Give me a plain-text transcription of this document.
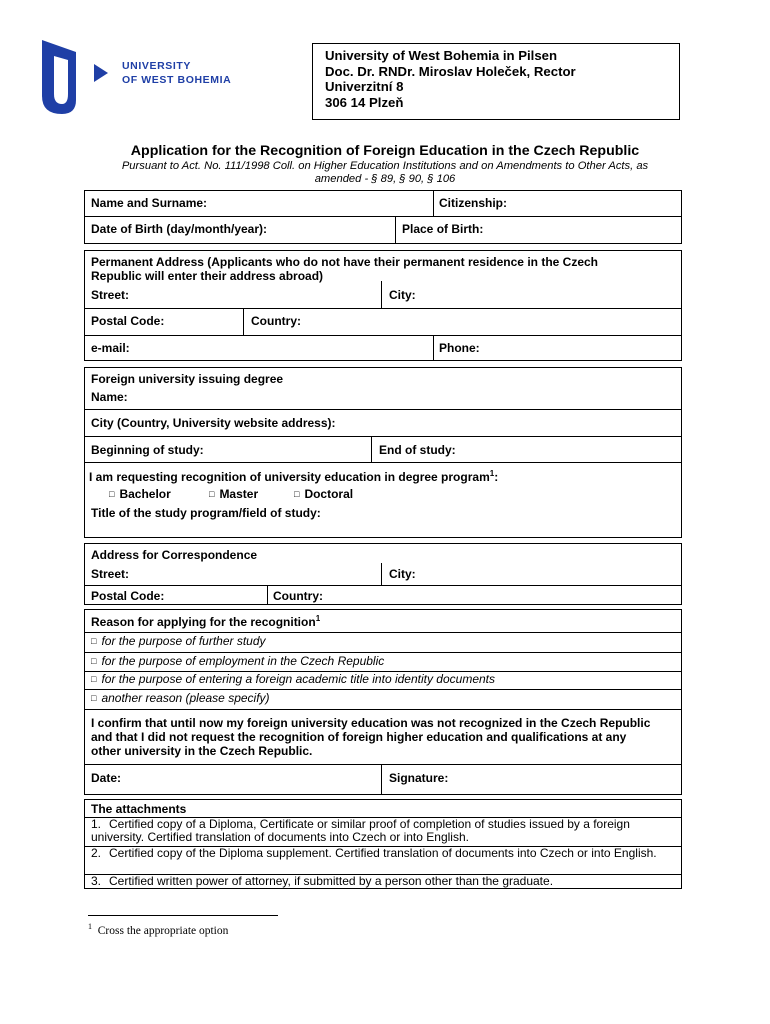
UNIVERSITY
OF WEST BOHEMIA
University of West Bohemia in Pilsen
Doc. Dr. RNDr. Miroslav Holeček, Rector
Univerzitní 8
306 14 Plzeň
Application for the Recognition of Foreign Education in the Czech Republic
Pursuant to Act. No. 111/1998 Coll. on Higher Education Institutions and on Amendments to Other Acts, as amended - § 89, § 90, § 106
Name and Surname:	Citizenship:
Date of Birth (day/month/year):	Place of Birth:
Permanent Address (Applicants who do not have their permanent residence in the Czech Republic will enter their address abroad)
Street:	City:
Postal Code:	Country:
e-mail:	Phone:
Foreign university issuing degree
Name:
City (Country, University website address):
Beginning of study:	End of study:
I am requesting recognition of university education in degree program$^1$:
□ Bachelor	□ Master	□ Doctoral
Title of the study program/field of study:
Address for Correspondence
Street:	City:
Postal Code:	Country:
Reason for applying for the recognition$^1$
□ for the purpose of further study
□ for the purpose of employment in the Czech Republic
□ for the purpose of entering a foreign academic title into identity documents
□ another reason (please specify)
I confirm that until now my foreign university education was not recognized in the Czech Republic and that I did not request the recognition of foreign higher education and qualifications at any other university in the Czech Republic.
Date:	Signature:
The attachments
1. Certified copy of a Diploma, Certificate or similar proof of completion of studies issued by a foreign university. Certified translation of documents into Czech or into English.
2. Certified copy of the Diploma supplement. Certified translation of documents into Czech or into English.
3. Certified written power of attorney, if submitted by a person other than the graduate.
$^1$ Cross the appropriate option
